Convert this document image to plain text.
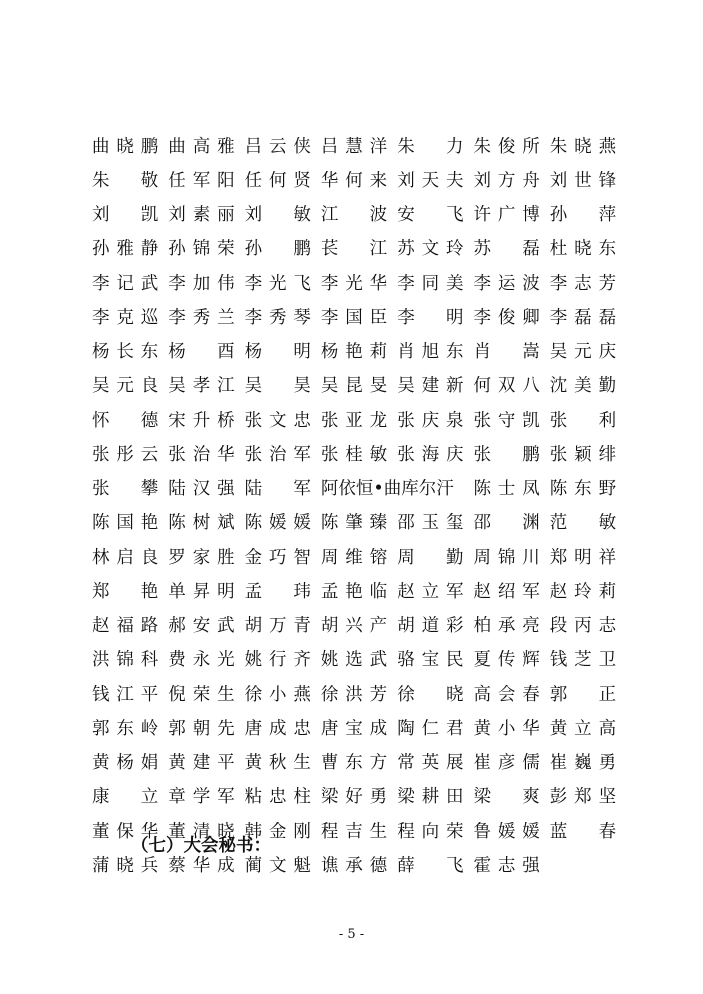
曲晓鹏 曲高雅 吕云侠 吕慧洋 朱　力 朱俊所 朱晓燕
朱　敬 任军阳 任何贤 华何来 刘天夫 刘方舟 刘世锋
刘　凯 刘素丽 刘　敏 江　波 安　飞 许广博 孙　萍
孙雅静 孙锦荣 孙　鹏 苌　江 苏文玲 苏　磊 杜晓东
李记武 李加伟 李光飞 李光华 李同美 李运波 李志芳
李克巡 李秀兰 李秀琴 李国臣 李　明 李俊卿 李磊磊
杨长东 杨　酉 杨　明 杨艳莉 肖旭东 肖　嵩 吴元庆
吴元良 吴孝江 吴　昊 吴昆旻 吴建新 何双八 沈美勤
怀　德 宋升桥 张文忠 张亚龙 张庆泉 张守凯 张　利
张彤云 张治华 张治军 张桂敏 张海庆 张　鹏 张颖绯
张　攀 陆汉强 陆　军 阿依恒•曲库尔汗	陈士凤 陈东野
陈国艳 陈树斌 陈媛媛 陈肇臻 邵玉玺 邵　渊 范　敏
林启良 罗家胜 金巧智 周维镕 周　勤 周锦川 郑明祥
郑　艳 单昇明 孟　玮 孟艳临 赵立军 赵绍军 赵玲莉
赵福路 郝安武 胡万青 胡兴产 胡道彩 柏承亮 段丙志
洪锦科 费永光 姚行齐 姚选武 骆宝民 夏传辉 钱芝卫
钱江平 倪荣生 徐小燕 徐洪芳 徐　晓 高会春 郭　正
郭东岭 郭朝先 唐成忠 唐宝成 陶仁君 黄小华 黄立高
黄杨娟 黄建平 黄秋生 曹东方 常英展 崔彦儒 崔巍勇
康　立 章学军 粘忠柱 梁好勇 梁耕田 梁　爽 彭郑坚
董保华 董清晓 韩金刚 程吉生 程向荣 鲁媛媛 蓝　春
蒲晓兵 蔡华成 蔺文魁 谯承德 薛　飞 霍志强
（七）大会秘书：
- 5 -
